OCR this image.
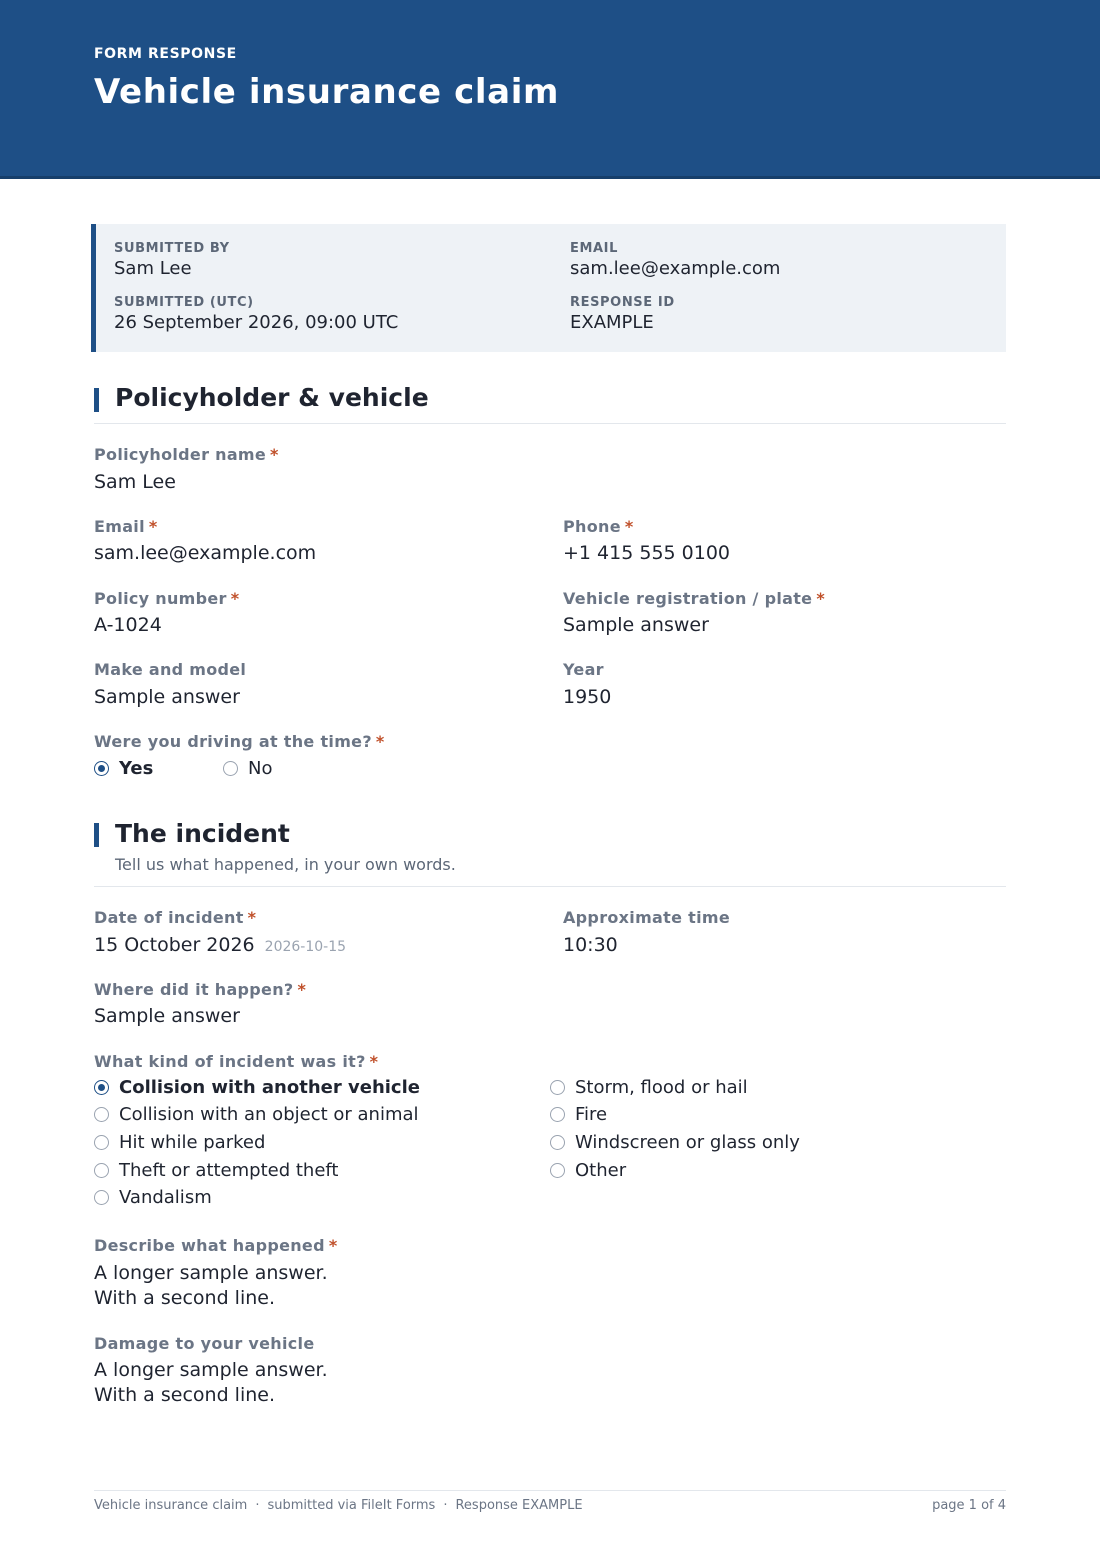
FORM RESPONSE
Vehicle insurance claim
SUBMITTED BY
Sam Lee
EMAIL
sam.lee@example.com
SUBMITTED (UTC)
26 September 2026, 09:00 UTC
RESPONSE ID
EXAMPLE
Policyholder & vehicle
Policyholder name *
Sam Lee
Email *
sam.lee@example.com
Phone *
+1 415 555 0100
Policy number *
A-1024
Vehicle registration / plate *
Sample answer
Make and model
Sample answer
Year
1950
Were you driving at the time? *
Yes	No
The incident
Tell us what happened, in your own words.
Date of incident *
15 October 2026 2026-10-15
Approximate time
10:30
Where did it happen? *
Sample answer
What kind of incident was it? *
Collision with another vehicle
Collision with an object or animal
Hit while parked
Theft or attempted theft
Vandalism
Storm, flood or hail
Fire
Windscreen or glass only
Other
Describe what happened *
A longer sample answer.
With a second line.
Damage to your vehicle
A longer sample answer.
With a second line.
Vehicle insurance claim · submitted via FileIt Forms · Response EXAMPLE	page 1 of 4
